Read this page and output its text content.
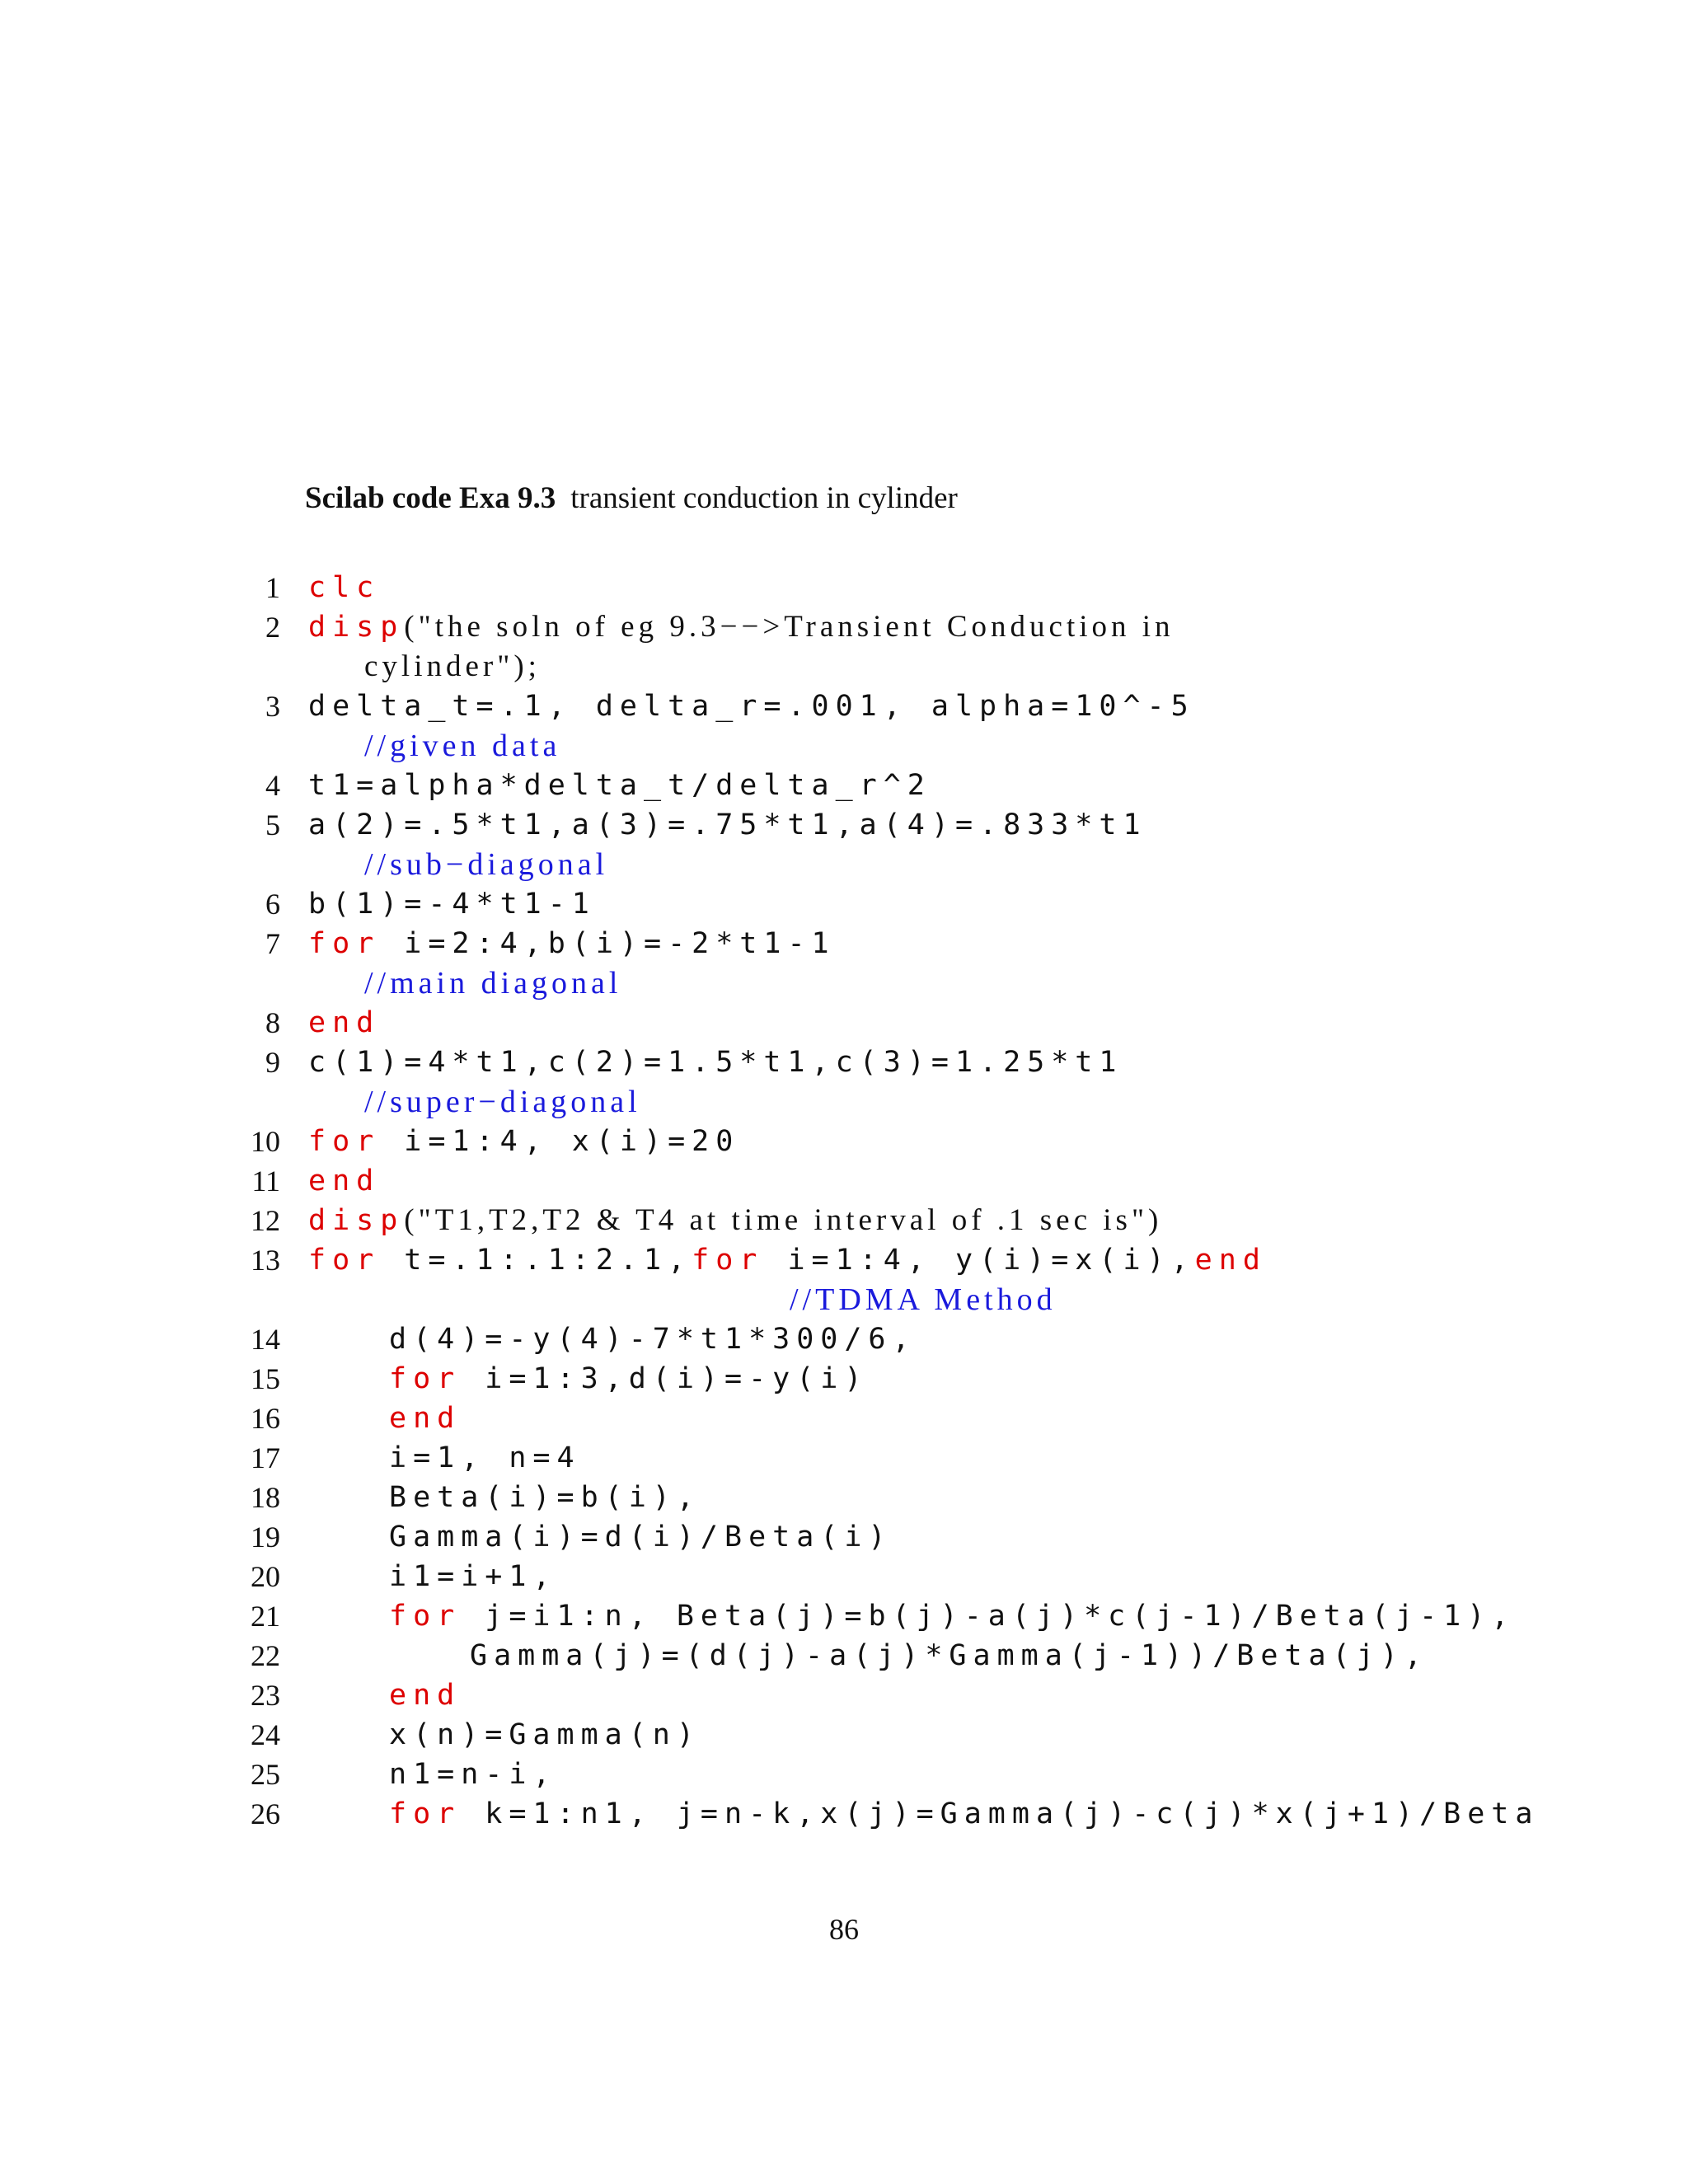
Scilab code Exa 9.3 transient conduction in cylinder
1 clc
2 disp("the soln of eg 9.3−−>Transient Conduction in
cylinder");
3 delta_t=.1, delta_r=.001, alpha=10^-5
//given data
4 t1=alpha*delta_t/delta_r^2
5 a(2)=.5*t1,a(3)=.75*t1,a(4)=.833*t1
//sub−diagonal
6 b(1)=-4*t1-1
7 for i=2:4,b(i)=-2*t1-1
//main diagonal
8 end
9 c(1)=4*t1,c(2)=1.5*t1,c(3)=1.25*t1
//super−diagonal
10 for i=1:4, x(i)=20
11 end
12 disp("T1,T2,T2 & T4 at time interval of .1 sec is")
13 for t=.1:.1:2.1,for i=1:4, y(i)=x(i),end
//TDMA Method
14	d(4)=-y(4)-7*t1*300/6,
15	for i=1:3,d(i)=-y(i)
16	end
17	i=1, n=4
18	Beta(i)=b(i),
19	Gamma(i)=d(i)/Beta(i)
20	i1=i+1,
21	for j=i1:n, Beta(j)=b(j)-a(j)*c(j-1)/Beta(j-1),
22	Gamma(j)=(d(j)-a(j)*Gamma(j-1))/Beta(j),
23	end
24	x(n)=Gamma(n)
25	n1=n-i,
26	for k=1:n1, j=n-k,x(j)=Gamma(j)-c(j)*x(j+1)/Beta
86
